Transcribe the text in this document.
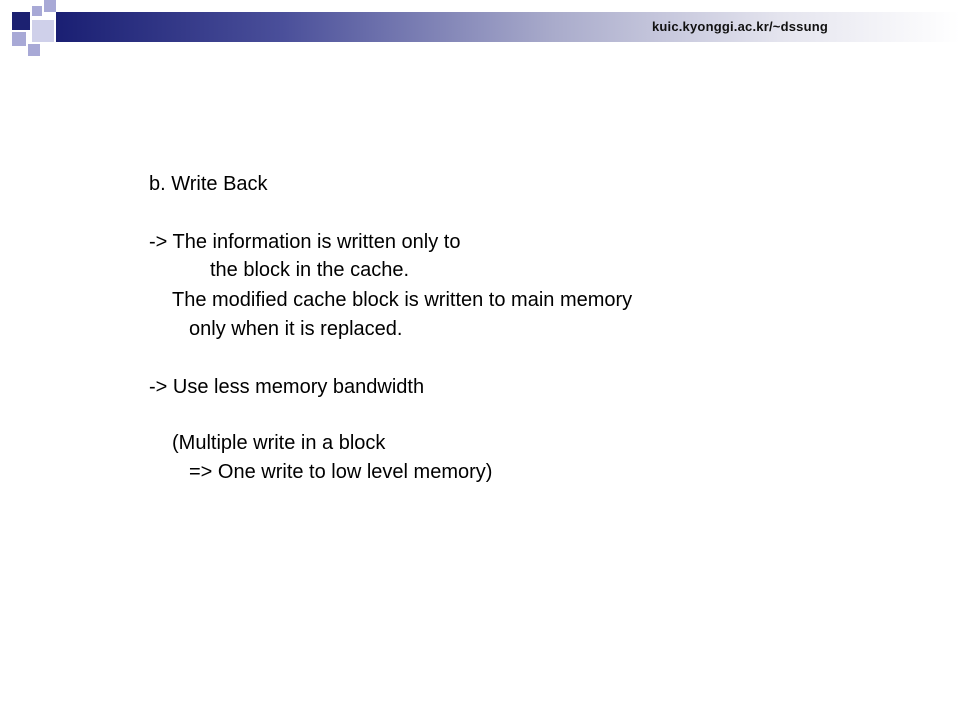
kuic.kyonggi.ac.kr/~dssung
b. Write Back
-> The information is written only to
the block in the cache.
The modified cache block is written to main memory
only when it is replaced.
-> Use less memory bandwidth
(Multiple write in a block
=> One write to low level memory)
